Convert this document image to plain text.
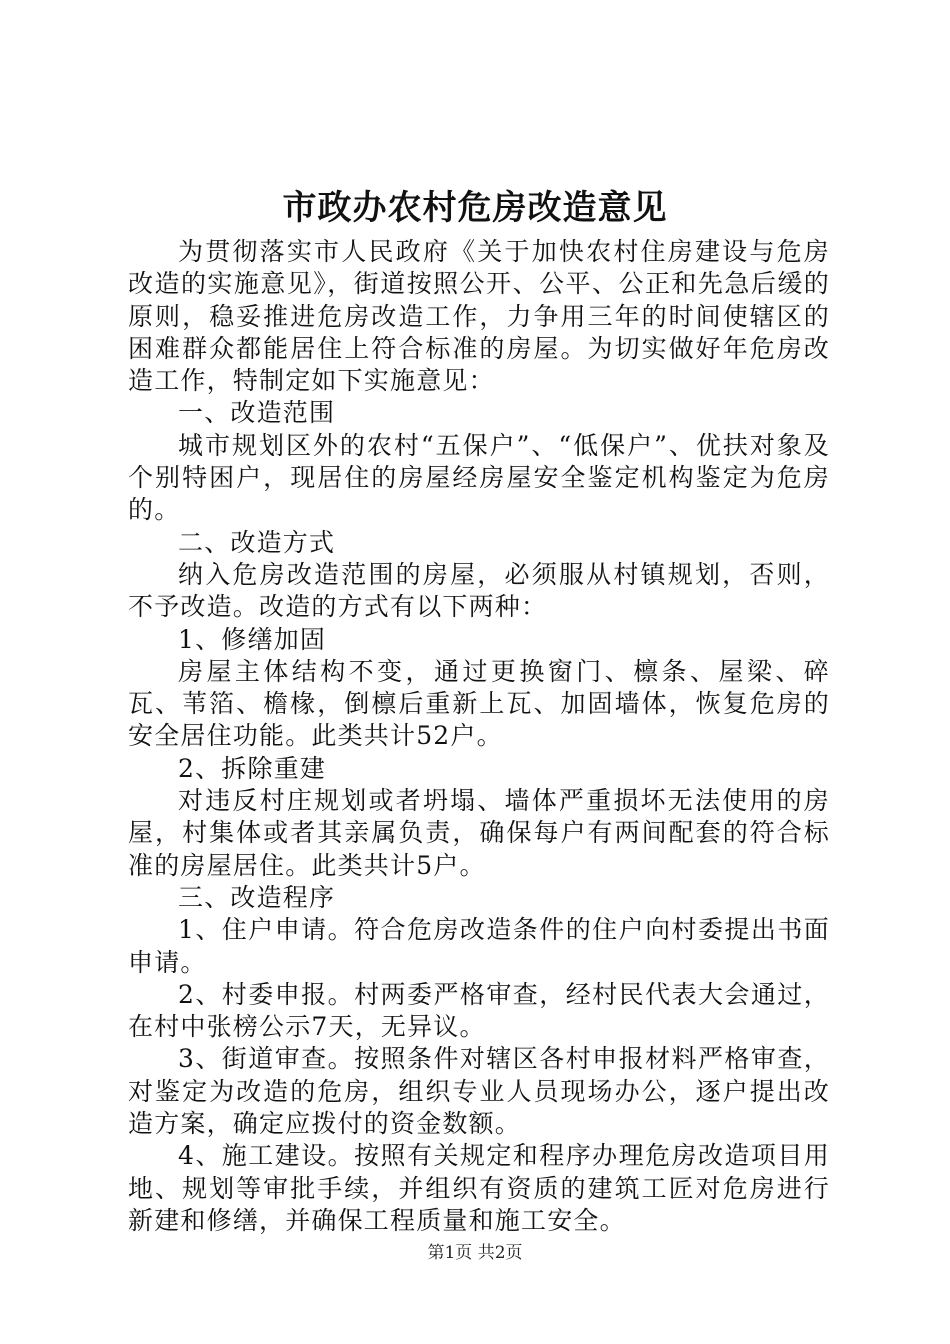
市政办农村危房改造意见

为贯彻落实市人民政府《关于加快农村住房建设与危房改造的实施意见》，街道按照公开、公平、公正和先急后缓的原则，稳妥推进危房改造工作，力争用三年的时间使辖区的困难群众都能居住上符合标准的房屋。为切实做好年危房改造工作，特制定如下实施意见：

一、改造范围

城市规划区外的农村“五保户”、“低保户”、优扶对象及个别特困户，现居住的房屋经房屋安全鉴定机构鉴定为危房的。

二、改造方式

纳入危房改造范围的房屋，必须服从村镇规划，否则，不予改造。改造的方式有以下两种：

1、修缮加固

房屋主体结构不变，通过更换窗门、檩条、屋梁、碎瓦、苇箔、檐椽，倒檩后重新上瓦、加固墙体，恢复危房的安全居住功能。此类共计52户。

2、拆除重建

对违反村庄规划或者坍塌、墙体严重损坏无法使用的房屋，村集体或者其亲属负责，确保每户有两间配套的符合标准的房屋居住。此类共计5户。

三、改造程序

1、住户申请。符合危房改造条件的住户向村委提出书面申请。

2、村委申报。村两委严格审查，经村民代表大会通过，在村中张榜公示7天，无异议。

3、街道审查。按照条件对辖区各村申报材料严格审查，对鉴定为改造的危房，组织专业人员现场办公，逐户提出改造方案，确定应拨付的资金数额。

4、施工建设。按照有关规定和程序办理危房改造项目用地、规划等审批手续，并组织有资质的建筑工匠对危房进行新建和修缮，并确保工程质量和施工安全。

第1页 共2页
